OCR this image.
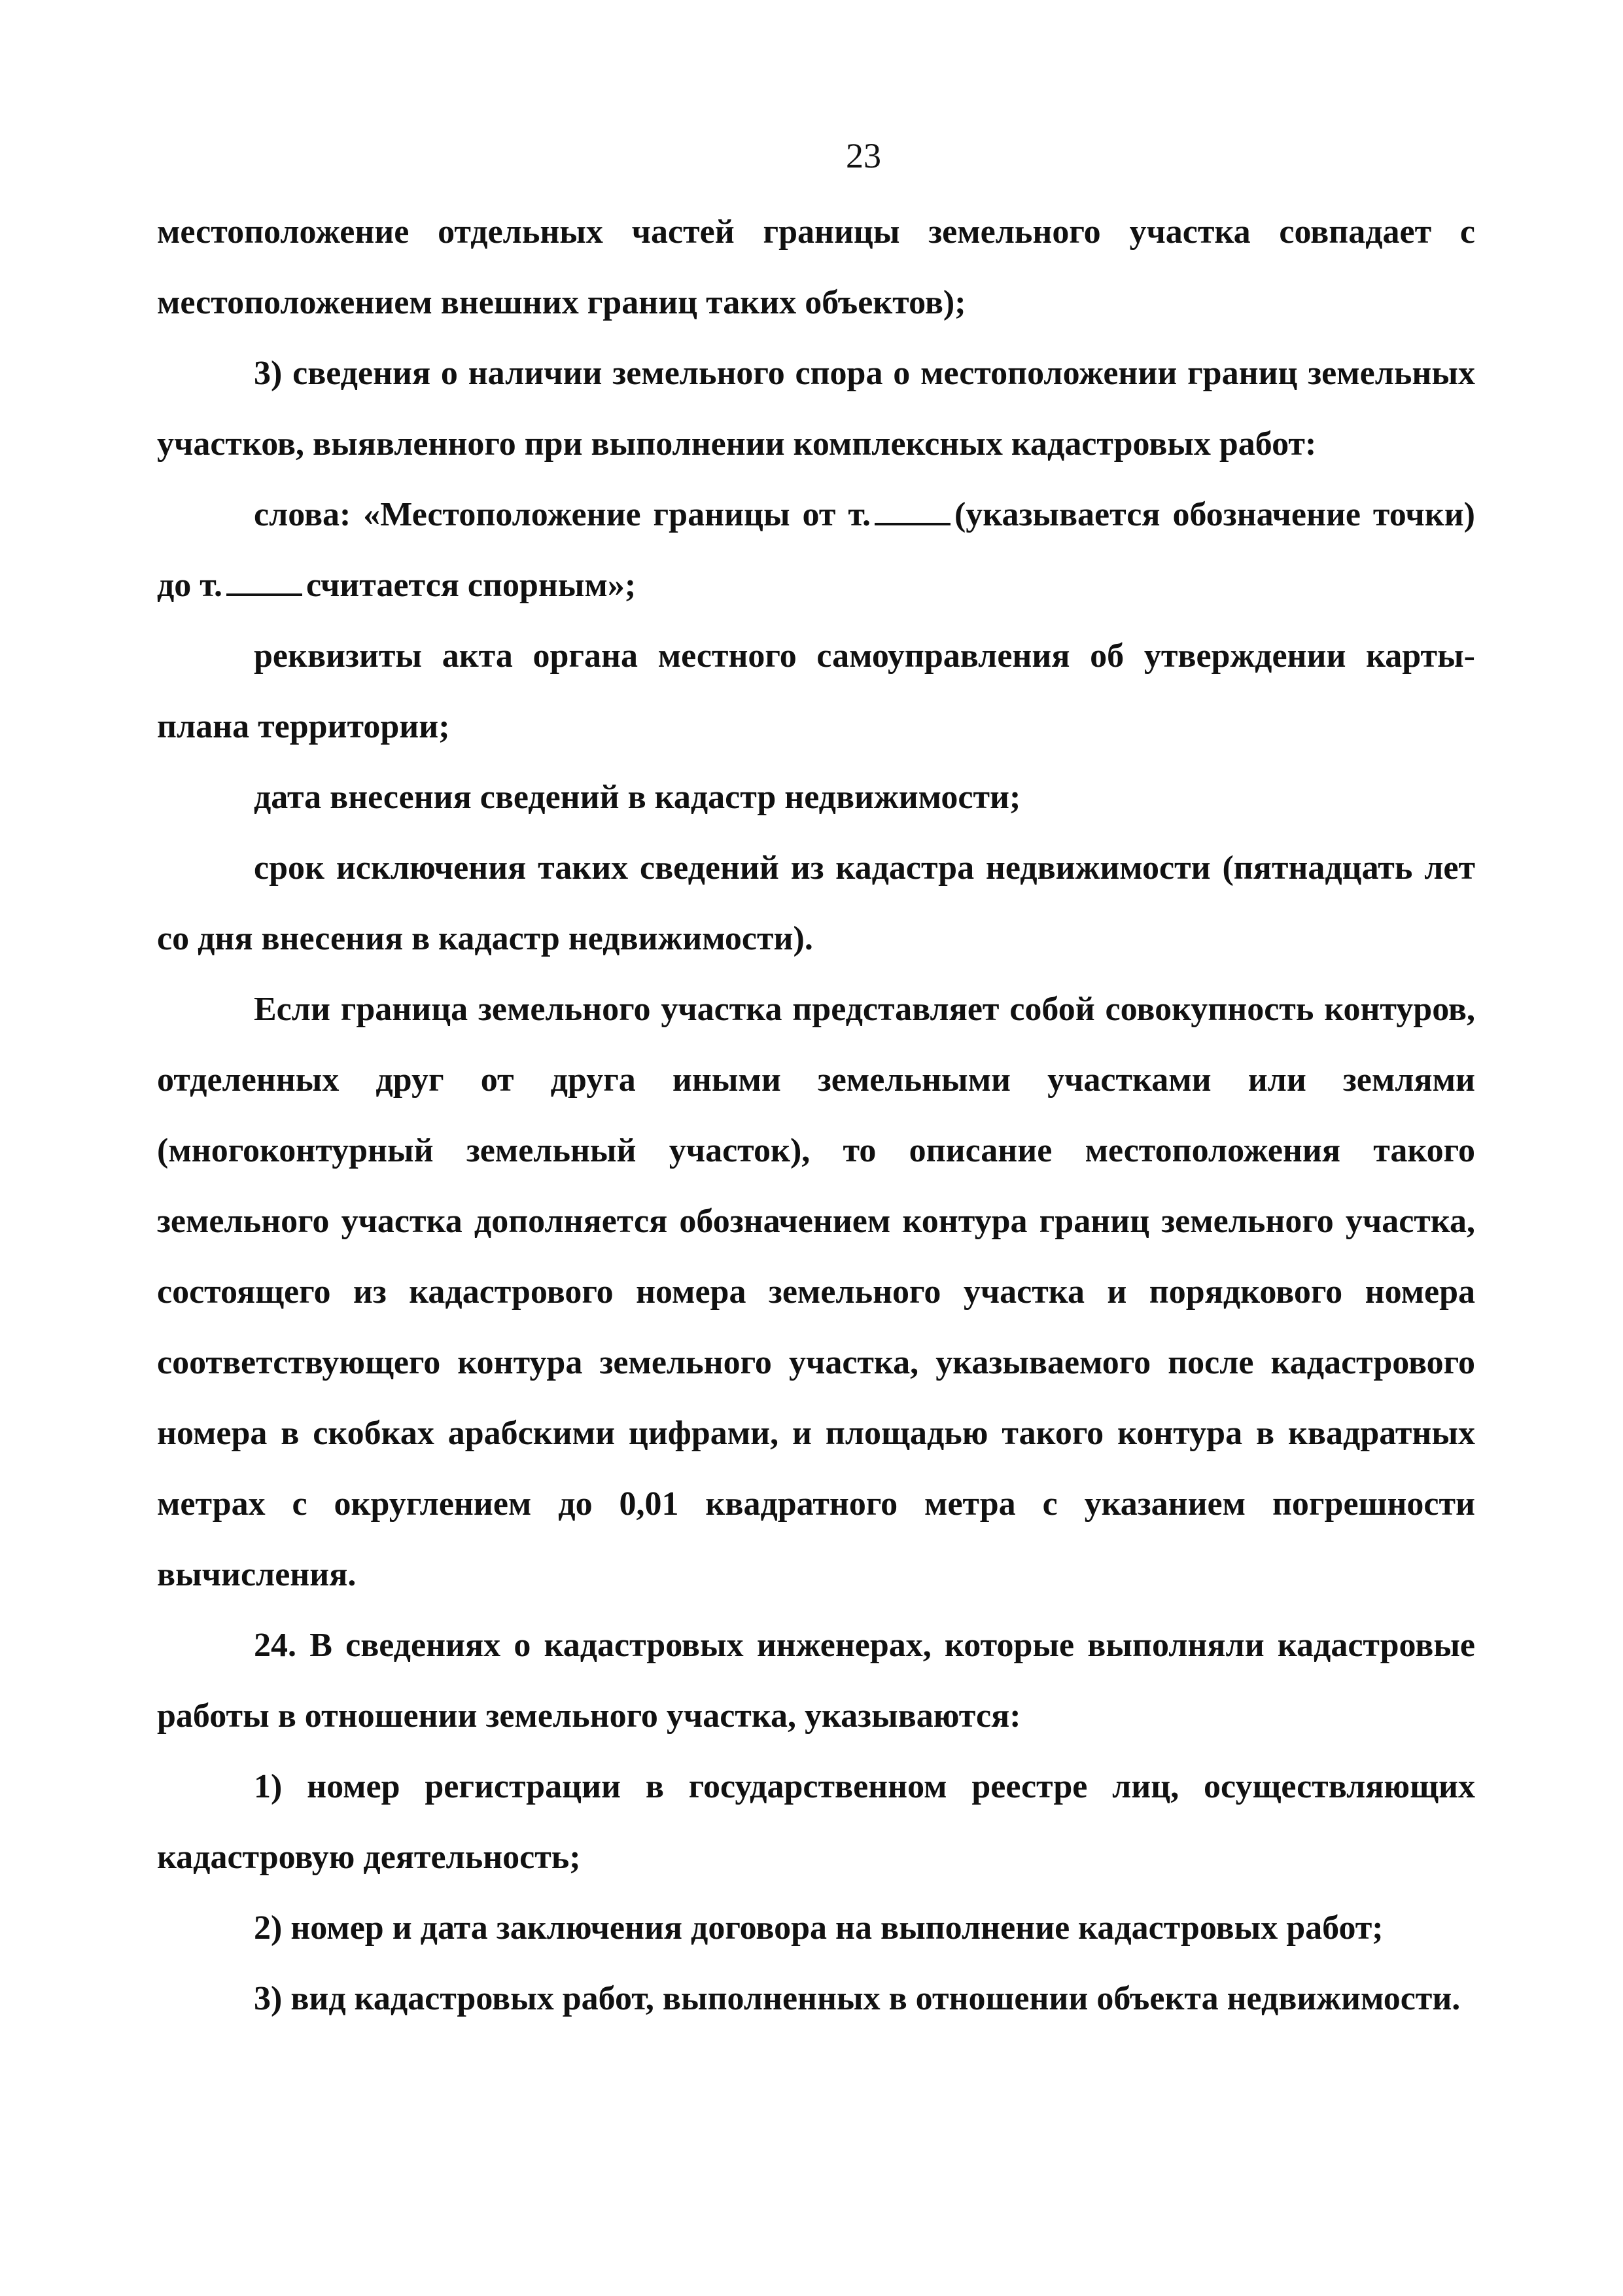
23

местоположение отдельных частей границы земельного участка совпадает с местоположением внешних границ таких объектов);

3) сведения о наличии земельного спора о местоположении границ земельных участков, выявленного при выполнении комплексных кадастровых работ:

слова: «Местоположение границы от т. (указывается обозначение точки) до т. считается спорным»;

реквизиты акта органа местного самоуправления об утверждении карты-плана территории;

дата внесения сведений в кадастр недвижимости;

срок исключения таких сведений из кадастра недвижимости (пятнадцать лет со дня внесения в кадастр недвижимости).

Если граница земельного участка представляет собой совокупность контуров, отделенных друг от друга иными земельными участками или землями (многоконтурный земельный участок), то описание местоположения такого земельного участка дополняется обозначением контура границ земельного участка, состоящего из кадастрового номера земельного участка и порядкового номера соответствующего контура земельного участка, указываемого после кадастрового номера в скобках арабскими цифрами, и площадью такого контура в квадратных метрах с округлением до 0,01 квадратного метра с указанием погрешности вычисления.

24. В сведениях о кадастровых инженерах, которые выполняли кадастровые работы в отношении земельного участка, указываются:

1) номер регистрации в государственном реестре лиц, осуществляющих кадастровую деятельность;

2) номер и дата заключения договора на выполнение кадастровых работ;

3) вид кадастровых работ, выполненных в отношении объекта недвижимости.
